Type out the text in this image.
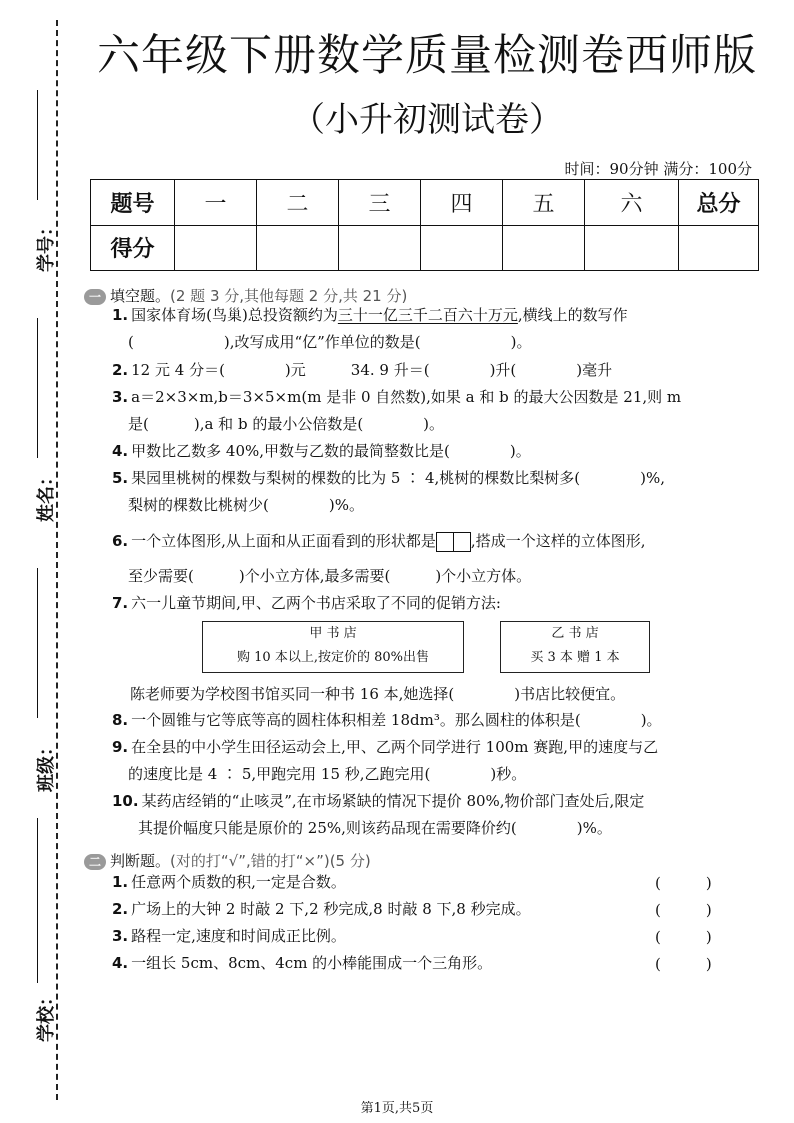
学号：
姓名：
班级：
学校：
六年级下册数学质量检测卷西师版
（小升初测试卷）
时间：90分钟 满分：100分
题号	一	二	三	四	五	六	总分
得分							
一 填空题。(2 题 3 分,其他每题 2 分,共 21 分)
1. 国家体育场(鸟巢)总投资额约为三十一亿三千二百六十万元,横线上的数写作
(　　　　　　),改写成用“亿”作单位的数是(　　　　　　)。
2. 12 元 4 分＝(　　　　)元　　　34. 9 升＝(　　　　)升(　　　　)毫升
3. a＝2×3×m,b＝3×5×m(m 是非 0 自然数),如果 a 和 b 的最大公因数是 21,则 m
是(　　　),a 和 b 的最小公倍数是(　　　　)。
4. 甲数比乙数多 40%,甲数与乙数的最简整数比是(　　　　)。
5. 果园里桃树的棵数与梨树的棵数的比为 5 ∶ 4,桃树的棵数比梨树多(　　　　)%,
梨树的棵数比桃树少(　　　　)%。
6. 一个立体图形,从上面和从正面看到的形状都是 ,搭成一个这样的立体图形,
至少需要(　　　)个小立方体,最多需要(　　　)个小立方体。
7. 六一儿童节期间,甲、乙两个书店采取了不同的促销方法:
甲 书 店
购 10 本以上,按定价的 80%出售
乙 书 店
买 3 本 赠 1 本
陈老师要为学校图书馆买同一种书 16 本,她选择(　　　　)书店比较便宜。
8. 一个圆锥与它等底等高的圆柱体积相差 18dm³。那么圆柱的体积是(　　　　)。
9. 在全县的中小学生田径运动会上,甲、乙两个同学进行 100m 赛跑,甲的速度与乙
的速度比是 4 ∶ 5,甲跑完用 15 秒,乙跑完用(　　　　)秒。
10. 某药店经销的“止咳灵”,在市场紧缺的情况下提价 80%,物价部门查处后,限定
其提价幅度只能是原价的 25%,则该药品现在需要降价约(　　　　)%。
二 判断题。(对的打“√”,错的打“×”)(5 分)
1. 任意两个质数的积,一定是合数。	(　　　)
2. 广场上的大钟 2 时敲 2 下,2 秒完成,8 时敲 8 下,8 秒完成。	(　　　)
3. 路程一定,速度和时间成正比例。	(　　　)
4. 一组长 5cm、8cm、4cm 的小棒能围成一个三角形。	(　　　)
第1页,共5页
